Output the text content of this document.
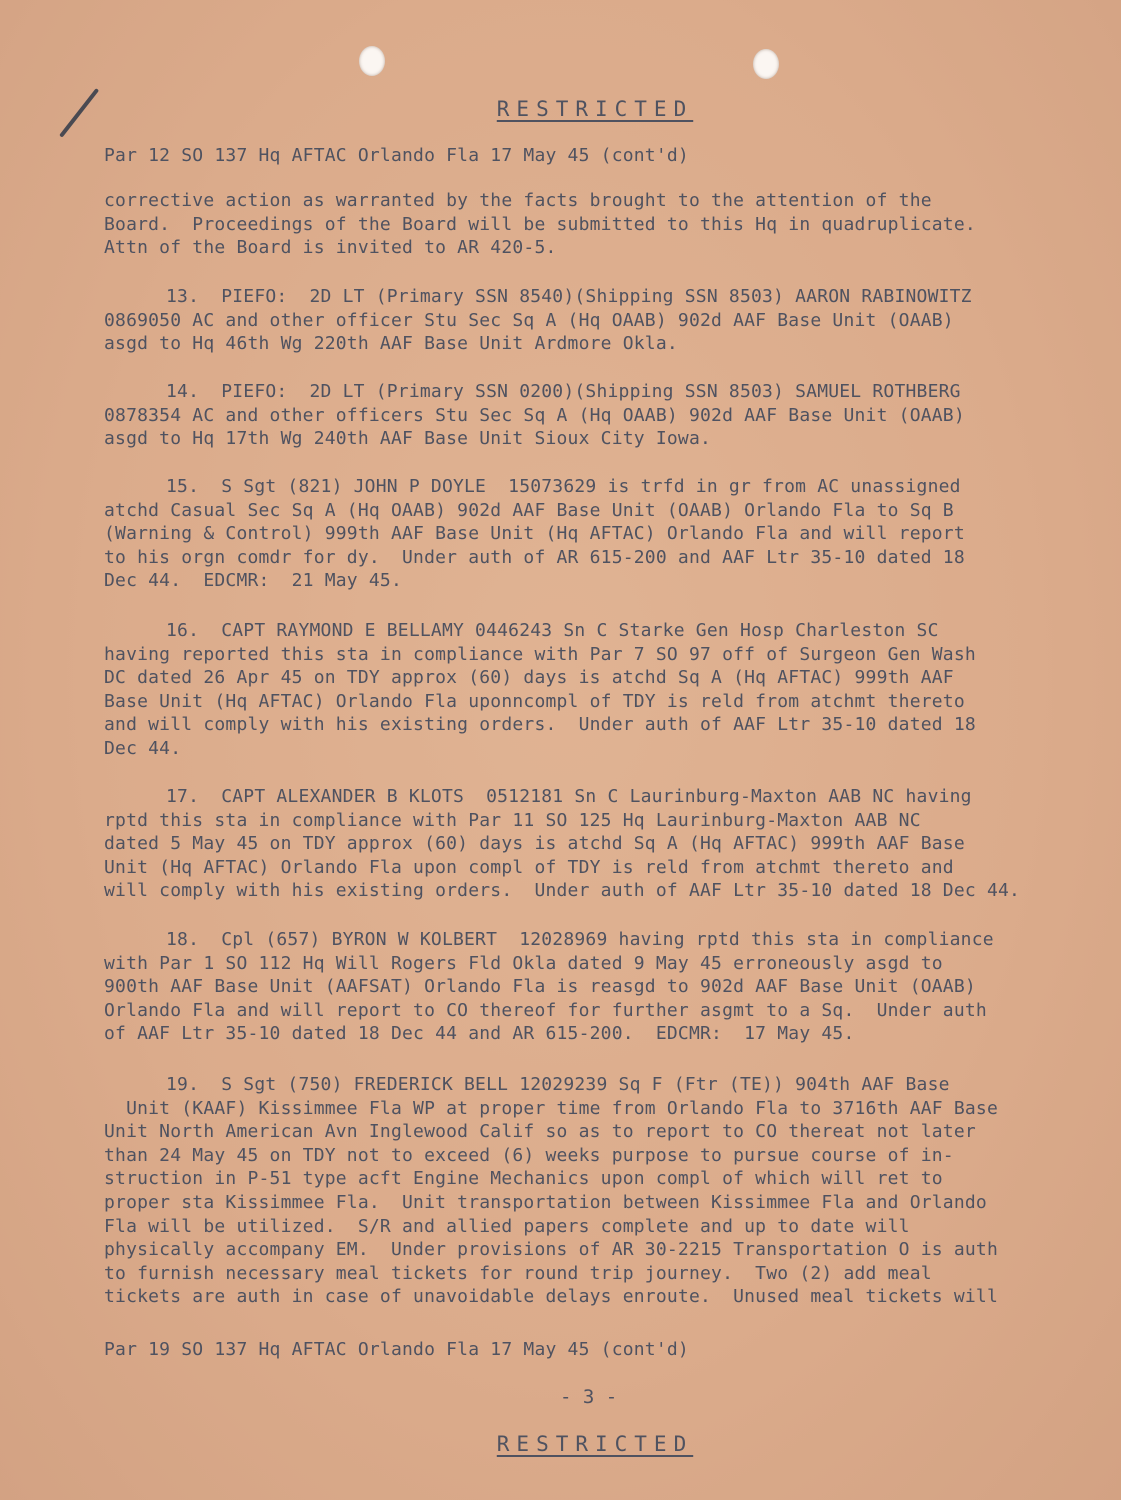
RESTRICTED
Par 12 SO 137 Hq AFTAC Orlando Fla 17 May 45 (cont'd)
corrective action as warranted by the facts brought to the attention of the
Board.  Proceedings of the Board will be submitted to this Hq in quadruplicate.
Attn of the Board is invited to AR 420-5.
13. PIEFO:  2D LT (Primary SSN 8540)(Shipping SSN 8503) AARON RABINOWITZ
0869050 AC and other officer Stu Sec Sq A (Hq OAAB) 902d AAF Base Unit (OAAB)
asgd to Hq 46th Wg 220th AAF Base Unit Ardmore Okla.
14. PIEFO:  2D LT (Primary SSN 0200)(Shipping SSN 8503) SAMUEL ROTHBERG
0878354 AC and other officers Stu Sec Sq A (Hq OAAB) 902d AAF Base Unit (OAAB)
asgd to Hq 17th Wg 240th AAF Base Unit Sioux City Iowa.
15. S Sgt (821) JOHN P DOYLE  15073629 is trfd in gr from AC unassigned
atchd Casual Sec Sq A (Hq OAAB) 902d AAF Base Unit (OAAB) Orlando Fla to Sq B
(Warning & Control) 999th AAF Base Unit (Hq AFTAC) Orlando Fla and will report
to his orgn comdr for dy.  Under auth of AR 615-200 and AAF Ltr 35-10 dated 18
Dec 44.  EDCMR:  21 May 45.
16. CAPT RAYMOND E BELLAMY 0446243 Sn C Starke Gen Hosp Charleston SC
having reported this sta in compliance with Par 7 SO 97 off of Surgeon Gen Wash
DC dated 26 Apr 45 on TDY approx (60) days is atchd Sq A (Hq AFTAC) 999th AAF
Base Unit (Hq AFTAC) Orlando Fla uponncompl of TDY is reld from atchmt thereto
and will comply with his existing orders.  Under auth of AAF Ltr 35-10 dated 18
Dec 44.
17. CAPT ALEXANDER B KLOTS  0512181 Sn C Laurinburg-Maxton AAB NC having
rptd this sta in compliance with Par 11 SO 125 Hq Laurinburg-Maxton AAB NC
dated 5 May 45 on TDY approx (60) days is atchd Sq A (Hq AFTAC) 999th AAF Base
Unit (Hq AFTAC) Orlando Fla upon compl of TDY is reld from atchmt thereto and
will comply with his existing orders.  Under auth of AAF Ltr 35-10 dated 18 Dec 44.
18. Cpl (657) BYRON W KOLBERT  12028969 having rptd this sta in compliance
with Par 1 SO 112 Hq Will Rogers Fld Okla dated 9 May 45 erroneously asgd to
900th AAF Base Unit (AAFSAT) Orlando Fla is reasgd to 902d AAF Base Unit (OAAB)
Orlando Fla and will report to CO thereof for further asgmt to a Sq.  Under auth
of AAF Ltr 35-10 dated 18 Dec 44 and AR 615-200.  EDCMR:  17 May 45.
19. S Sgt (750) FREDERICK BELL 12029239 Sq F (Ftr (TE)) 904th AAF Base
Unit (KAAF) Kissimmee Fla WP at proper time from Orlando Fla to 3716th AAF Base
Unit North American Avn Inglewood Calif so as to report to CO thereat not later
than 24 May 45 on TDY not to exceed (6) weeks purpose to pursue course of in-
struction in P-51 type acft Engine Mechanics upon compl of which will ret to
proper sta Kissimmee Fla.  Unit transportation between Kissimmee Fla and Orlando
Fla will be utilized.  S/R and allied papers complete and up to date will
physically accompany EM.  Under provisions of AR 30-2215 Transportation O is auth
to furnish necessary meal tickets for round trip journey.  Two (2) add meal
tickets are auth in case of unavoidable delays enroute.  Unused meal tickets will
Par 19 SO 137 Hq AFTAC Orlando Fla 17 May 45 (cont'd)
- 3 -
RESTRICTED
